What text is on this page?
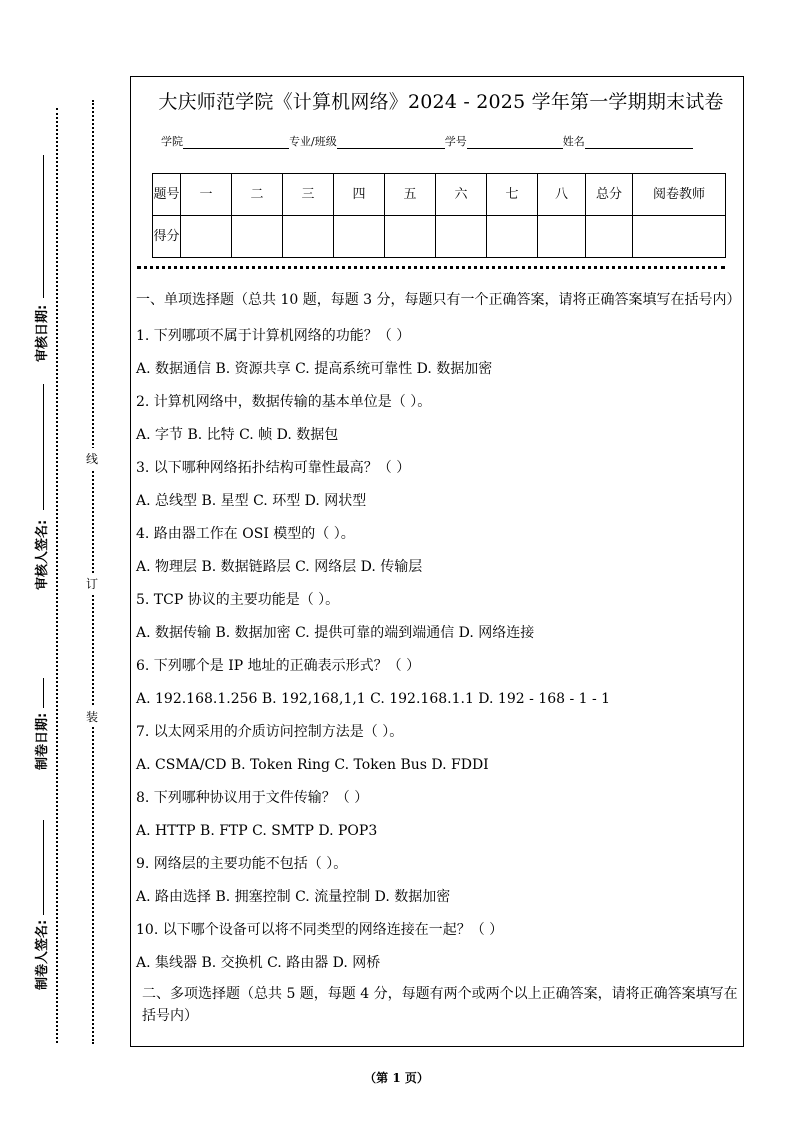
审核日期:
审核人签名:
制卷日期:
制卷人签名:
线
订
装
大庆师范学院《计算机网络》2024 - 2025 学年第一学期期末试卷
学院	专业/班级	学号	姓名
题号	一	二	三	四	五	六	七	八	总分	阅卷教师
得分										

一、单项选择题（总共 10 题，每题 3 分，每题只有一个正确答案，请将正确答案填写在括号内）

1. 下列哪项不属于计算机网络的功能？（ ）
A. 数据通信 B. 资源共享 C. 提高系统可靠性 D. 数据加密
2. 计算机网络中，数据传输的基本单位是（ ）。
A. 字节 B. 比特 C. 帧 D. 数据包
3. 以下哪种网络拓扑结构可靠性最高？（ ）
A. 总线型 B. 星型 C. 环型 D. 网状型
4. 路由器工作在 OSI 模型的（ ）。
A. 物理层 B. 数据链路层 C. 网络层 D. 传输层
5. TCP 协议的主要功能是（ ）。
A. 数据传输 B. 数据加密 C. 提供可靠的端到端通信 D. 网络连接
6. 下列哪个是 IP 地址的正确表示形式？（ ）
A. 192.168.1.256 B. 192,168,1,1 C. 192.168.1.1 D. 192 - 168 - 1 - 1
7. 以太网采用的介质访问控制方法是（ ）。
A. CSMA/CD B. Token Ring C. Token Bus D. FDDI
8. 下列哪种协议用于文件传输？（ ）
A. HTTP B. FTP C. SMTP D. POP3
9. 网络层的主要功能不包括（ ）。
A. 路由选择 B. 拥塞控制 C. 流量控制 D. 数据加密
10. 以下哪个设备可以将不同类型的网络连接在一起？（ ）
A. 集线器 B. 交换机 C. 路由器 D. 网桥

二、多项选择题（总共 5 题，每题 4 分，每题有两个或两个以上正确答案，请将正确答案填写在括号内）

（第 1 页）
